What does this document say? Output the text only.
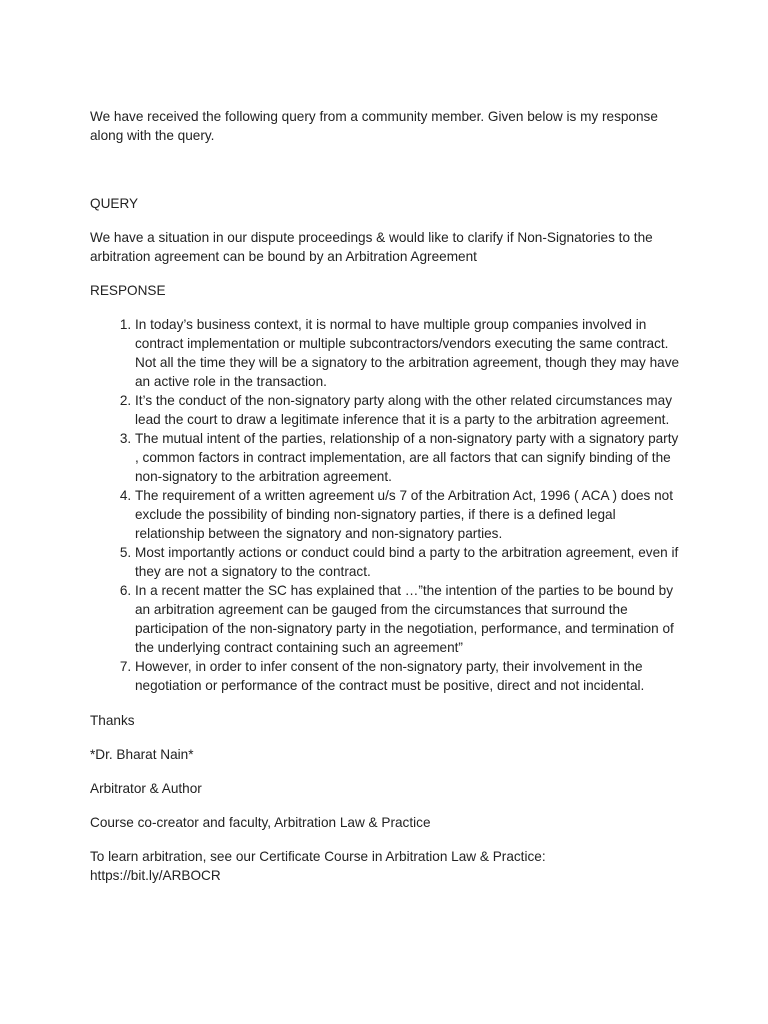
We have received the following query from a community member. Given below is my response along with the query.

QUERY

We have a situation in our dispute proceedings & would like to clarify if Non-Signatories to the arbitration agreement can be bound by an Arbitration Agreement

RESPONSE

1. In today’s business context, it is normal to have multiple group companies involved in contract implementation or multiple subcontractors/vendors executing the same contract. Not all the time they will be a signatory to the arbitration agreement, though they may have an active role in the transaction.
2. It’s the conduct of the non-signatory party along with the other related circumstances may lead the court to draw a legitimate inference that it is a party to the arbitration agreement.
3. The mutual intent of the parties, relationship of a non-signatory party with a signatory party , common factors in contract implementation, are all factors that can signify binding of the non-signatory to the arbitration agreement.
4. The requirement of a written agreement u/s 7 of the Arbitration Act, 1996 ( ACA ) does not exclude the possibility of binding non-signatory parties, if there is a defined legal relationship between the signatory and non-signatory parties.
5. Most importantly actions or conduct could bind a party to the arbitration agreement, even if they are not a signatory to the contract.
6. In a recent matter the SC has explained that …”the intention of the parties to be bound by an arbitration agreement can be gauged from the circumstances that surround the participation of the non-signatory party in the negotiation, performance, and termination of the underlying contract containing such an agreement”
7. However, in order to infer consent of the non-signatory party, their involvement in the negotiation or performance of the contract must be positive, direct and not incidental.

Thanks

*Dr. Bharat Nain*

Arbitrator & Author

Course co-creator and faculty, Arbitration Law & Practice

To learn arbitration, see our Certificate Course in Arbitration Law & Practice:
https://bit.ly/ARBOCR
